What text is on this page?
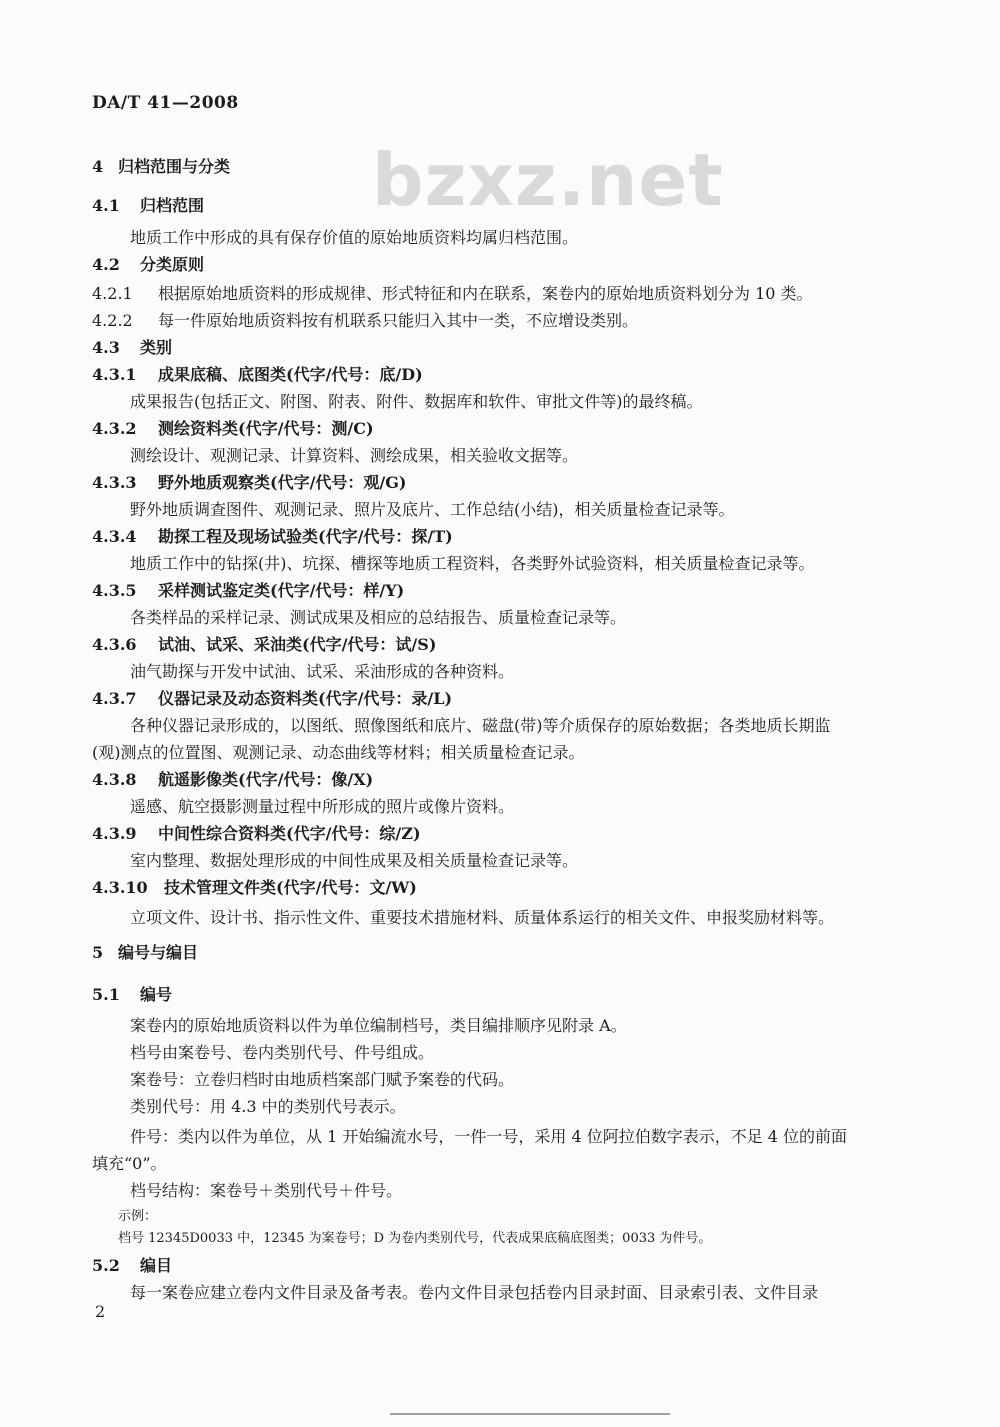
bzxz.net
DA/T 41—2008
4 归档范围与分类
4.1 归档范围
地质工作中形成的具有保存价值的原始地质资料均属归档范围。
4.2 分类原则
4.2.1 根据原始地质资料的形成规律、形式特征和内在联系，案卷内的原始地质资料划分为 10 类。
4.2.2 每一件原始地质资料按有机联系只能归入其中一类，不应增设类别。
4.3 类别
4.3.1 成果底稿、底图类(代字/代号：底/D)
成果报告(包括正文、附图、附表、附件、数据库和软件、审批文件等)的最终稿。
4.3.2 测绘资料类(代字/代号：测/C)
测绘设计、观测记录、计算资料、测绘成果，相关验收文据等。
4.3.3 野外地质观察类(代字/代号：观/G)
野外地质调查图件、观测记录、照片及底片、工作总结(小结)，相关质量检查记录等。
4.3.4 勘探工程及现场试验类(代字/代号：探/T)
地质工作中的钻探(井)、坑探、槽探等地质工程资料，各类野外试验资料，相关质量检查记录等。
4.3.5 采样测试鉴定类(代字/代号：样/Y)
各类样品的采样记录、测试成果及相应的总结报告、质量检查记录等。
4.3.6 试油、试采、采油类(代字/代号：试/S)
油气勘探与开发中试油、试采、采油形成的各种资料。
4.3.7 仪器记录及动态资料类(代字/代号：录/L)
各种仪器记录形成的，以图纸、照像图纸和底片、磁盘(带)等介质保存的原始数据；各类地质长期监
(观)测点的位置图、观测记录、动态曲线等材料；相关质量检查记录。
4.3.8 航遥影像类(代字/代号：像/X)
遥感、航空摄影测量过程中所形成的照片或像片资料。
4.3.9 中间性综合资料类(代字/代号：综/Z)
室内整理、数据处理形成的中间性成果及相关质量检查记录等。
4.3.10 技术管理文件类(代字/代号：文/W)
立项文件、设计书、指示性文件、重要技术措施材料、质量体系运行的相关文件、申报奖励材料等。
5 编号与编目
5.1 编号
案卷内的原始地质资料以件为单位编制档号，类目编排顺序见附录 A。
档号由案卷号、卷内类别代号、件号组成。
案卷号：立卷归档时由地质档案部门赋予案卷的代码。
类别代号：用 4.3 中的类别代号表示。
件号：类内以件为单位，从 1 开始编流水号，一件一号，采用 4 位阿拉伯数字表示，不足 4 位的前面
填充“0”。
档号结构：案卷号＋类别代号＋件号。
示例：
档号 12345D0033 中，12345 为案卷号；D 为卷内类别代号，代表成果底稿底图类；0033 为件号。
5.2 编目
每一案卷应建立卷内文件目录及备考表。卷内文件目录包括卷内目录封面、目录索引表、文件目录
2
